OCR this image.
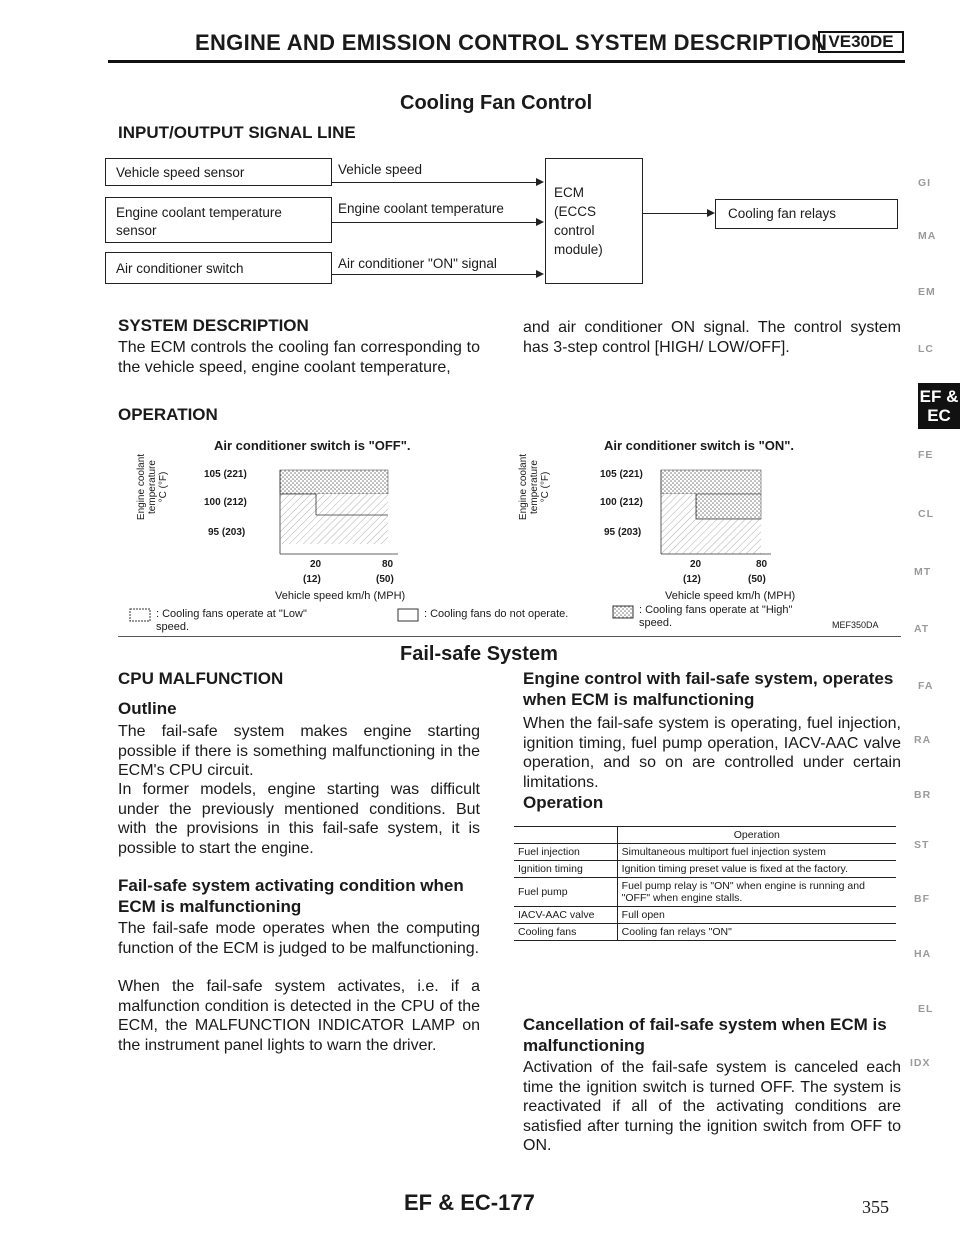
ENGINE AND EMISSION CONTROL SYSTEM DESCRIPTION VE30DE
Cooling Fan Control
INPUT/OUTPUT SIGNAL LINE
Vehicle speed sensor
Engine coolant temperature
sensor
Air conditioner switch
Vehicle speed
Engine coolant temperature
Air conditioner "ON" signal
ECM
(ECCS
control
module)
Cooling fan relays
SYSTEM DESCRIPTION
The ECM controls the cooling fan corresponding to the vehicle speed, engine coolant temperature,
and air conditioner ON signal. The control system has 3-step control [HIGH/ LOW/OFF].
OPERATION
Air conditioner switch is "OFF".	Air conditioner switch is "ON".
Engine coolant
temperature
°C (°F)
Engine coolant
temperature
°C (°F)
105 (221)
100 (212)
95 (203)
105 (221)
100 (212)
95 (203)
20	80
(12)	(50)
20	80
(12)	(50)
Vehicle speed km/h (MPH)	Vehicle speed km/h (MPH)
: Cooling fans operate at "Low"
speed.
: Cooling fans do not operate.	: Cooling fans operate at "High"
speed.	MEF350DA
Fail-safe System
CPU MALFUNCTION
Outline
The fail-safe system makes engine starting possible if there is something malfunctioning in the ECM's CPU circuit.
In former models, engine starting was difficult under the previously mentioned conditions. But with the provisions in this fail-safe system, it is possible to start the engine.
Fail-safe system activating condition when ECM is malfunctioning
The fail-safe mode operates when the computing function of the ECM is judged to be malfunctioning.
When the fail-safe system activates, i.e. if a malfunction condition is detected in the CPU of the ECM, the MALFUNCTION INDICATOR LAMP on the instrument panel lights to warn the driver.
Engine control with fail-safe system, operates when ECM is malfunctioning
When the fail-safe system is operating, fuel injection, ignition timing, fuel pump operation, IACV-AAC valve operation, and so on are controlled under certain limitations.
Operation
	Operation
Fuel injection	Simultaneous multiport fuel injection system
Ignition timing	Ignition timing preset value is fixed at the factory.
Fuel pump	Fuel pump relay is "ON" when engine is running and "OFF" when engine stalls.
IACV-AAC valve	Full open
Cooling fans	Cooling fan relays "ON"
Cancellation of fail-safe system when ECM is malfunctioning
Activation of the fail-safe system is canceled each time the ignition switch is turned OFF. The system is reactivated if all of the activating conditions are satisfied after turning the ignition switch from OFF to ON.
GI
MA
EM
LC
EF &
EC
FE
CL
MT
AT
FA
RA
BR
ST
BF
HA
EL
IDX
EF & EC-177	355
